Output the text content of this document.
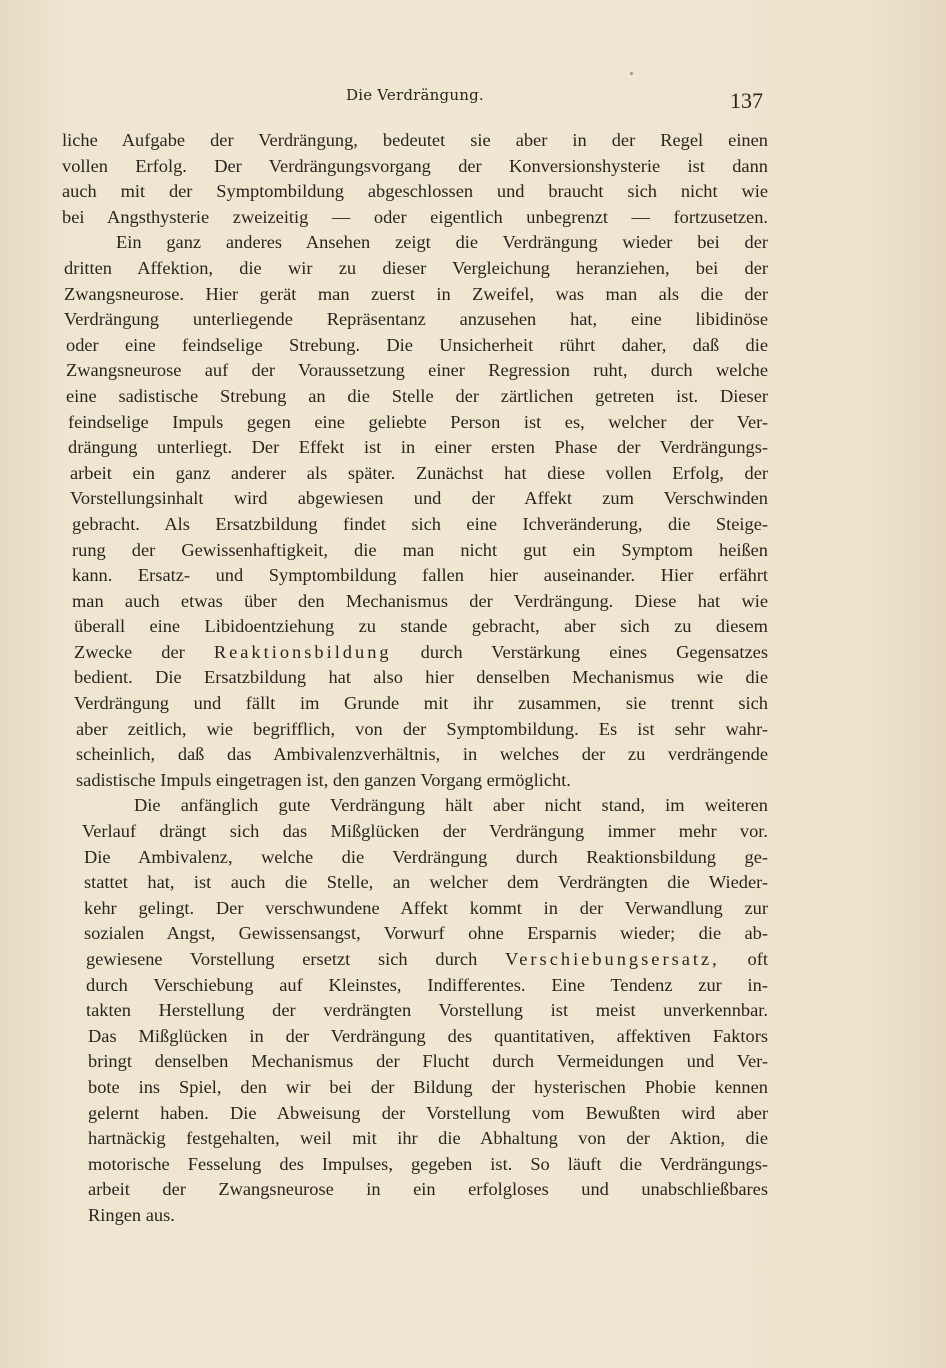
Die Verdrängung.	137
liche Aufgabe der Verdrängung, bedeutet sie aber in der Regel einen
vollen Erfolg. Der Verdrängungsvorgang der Konversionshysterie ist dann
auch mit der Symptombildung abgeschlossen und braucht sich nicht wie
bei Angsthysterie zweizeitig — oder eigentlich unbegrenzt — fortzusetzen.
Ein ganz anderes Ansehen zeigt die Verdrängung wieder bei der
dritten Affektion, die wir zu dieser Vergleichung heranziehen, bei der
Zwangsneurose. Hier gerät man zuerst in Zweifel, was man als die der
Verdrängung unterliegende Repräsentanz anzusehen hat, eine libidinöse
oder eine feindselige Strebung. Die Unsicherheit rührt daher, daß die
Zwangsneurose auf der Voraussetzung einer Regression ruht, durch welche
eine sadistische Strebung an die Stelle der zärtlichen getreten ist. Dieser
feindselige Impuls gegen eine geliebte Person ist es, welcher der Ver-
drängung unterliegt. Der Effekt ist in einer ersten Phase der Verdrängungs-
arbeit ein ganz anderer als später. Zunächst hat diese vollen Erfolg, der
Vorstellungsinhalt wird abgewiesen und der Affekt zum Verschwinden
gebracht. Als Ersatzbildung findet sich eine Ichveränderung, die Steige-
rung der Gewissenhaftigkeit, die man nicht gut ein Symptom heißen
kann. Ersatz- und Symptombildung fallen hier auseinander. Hier erfährt
man auch etwas über den Mechanismus der Verdrängung. Diese hat wie
überall eine Libidoentziehung zu stande gebracht, aber sich zu diesem
Zwecke der Reaktionsbildung durch Verstärkung eines Gegensatzes
bedient. Die Ersatzbildung hat also hier denselben Mechanismus wie die
Verdrängung und fällt im Grunde mit ihr zusammen, sie trennt sich
aber zeitlich, wie begrifflich, von der Symptombildung. Es ist sehr wahr-
scheinlich, daß das Ambivalenzverhältnis, in welches der zu verdrängende
sadistische Impuls eingetragen ist, den ganzen Vorgang ermöglicht.
Die anfänglich gute Verdrängung hält aber nicht stand, im weiteren
Verlauf drängt sich das Mißglücken der Verdrängung immer mehr vor.
Die Ambivalenz, welche die Verdrängung durch Reaktionsbildung ge-
stattet hat, ist auch die Stelle, an welcher dem Verdrängten die Wieder-
kehr gelingt. Der verschwundene Affekt kommt in der Verwandlung zur
sozialen Angst, Gewissensangst, Vorwurf ohne Ersparnis wieder; die ab-
gewiesene Vorstellung ersetzt sich durch Verschiebungsersatz, oft
durch Verschiebung auf Kleinstes, Indifferentes. Eine Tendenz zur in-
takten Herstellung der verdrängten Vorstellung ist meist unverkennbar.
Das Mißglücken in der Verdrängung des quantitativen, affektiven Faktors
bringt denselben Mechanismus der Flucht durch Vermeidungen und Ver-
bote ins Spiel, den wir bei der Bildung der hysterischen Phobie kennen
gelernt haben. Die Abweisung der Vorstellung vom Bewußten wird aber
hartnäckig festgehalten, weil mit ihr die Abhaltung von der Aktion, die
motorische Fesselung des Impulses, gegeben ist. So läuft die Verdrängungs-
arbeit der Zwangsneurose in ein erfolgloses und unabschließbares
Ringen aus.
